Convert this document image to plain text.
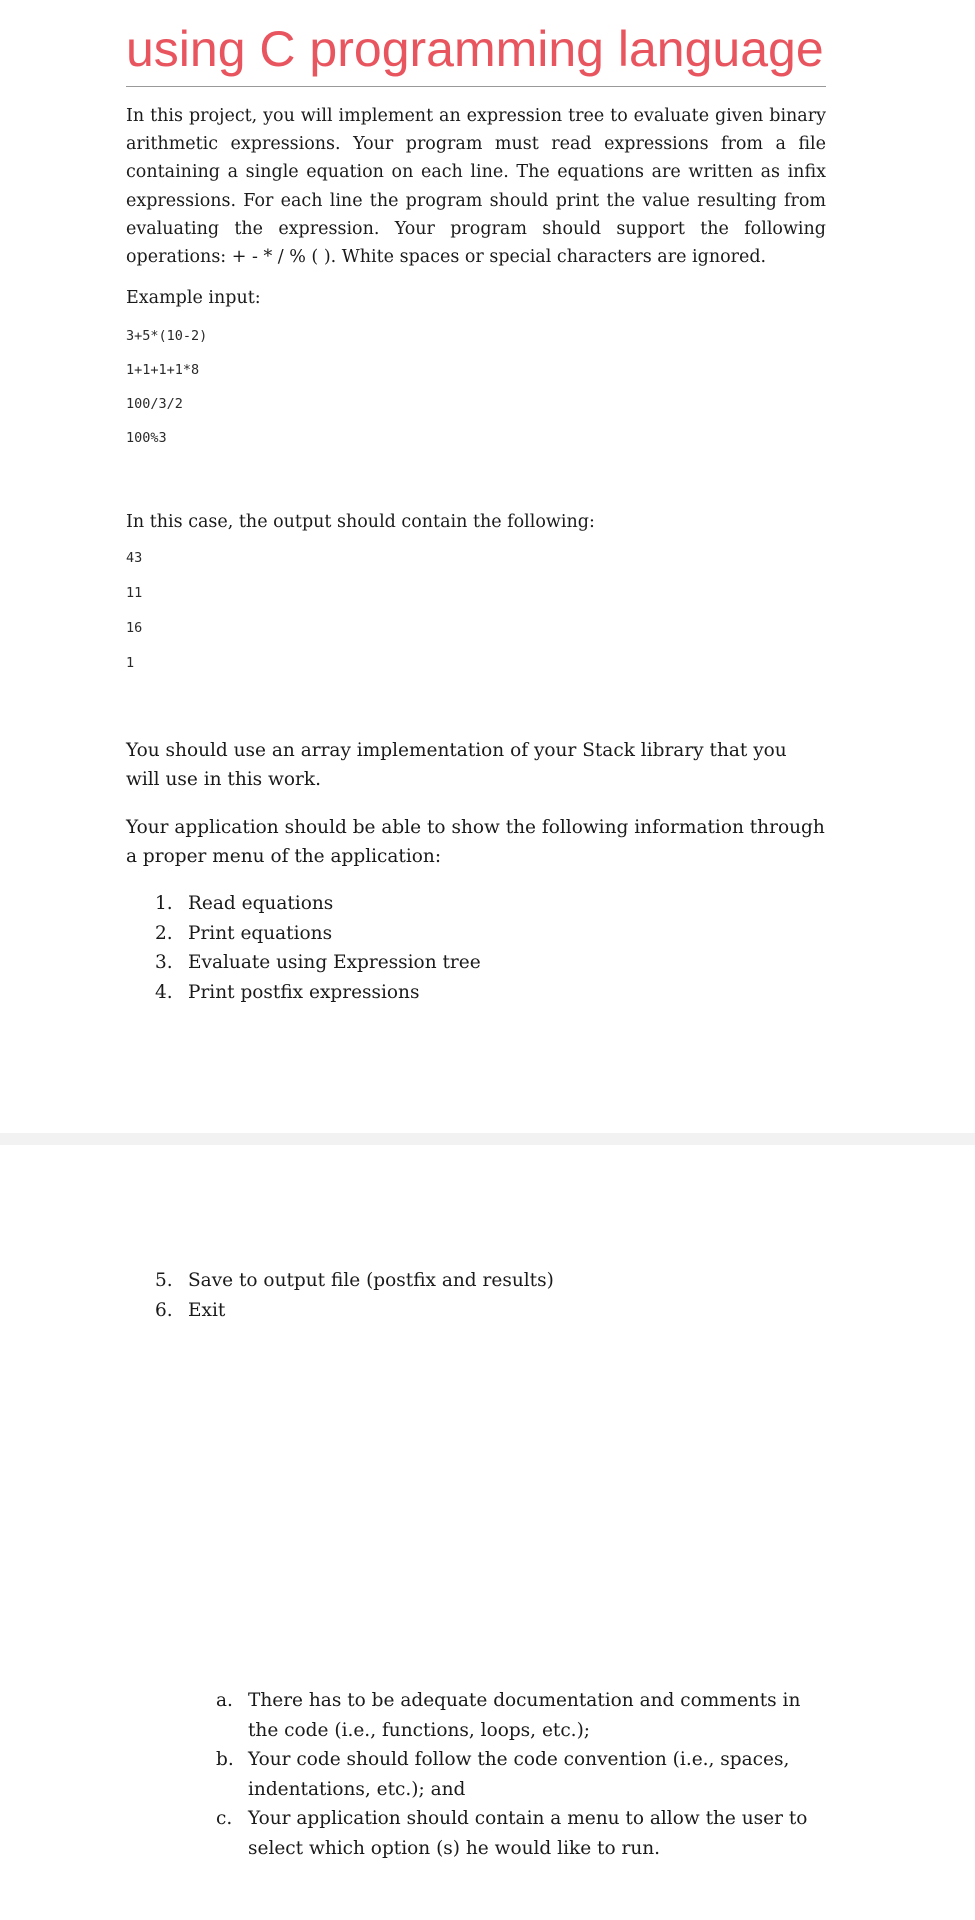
using C programming language

In this project, you will implement an expression tree to evaluate given binary arithmetic expressions. Your program must read expressions from a file containing a single equation on each line. The equations are written as infix expressions. For each line the program should print the value resulting from evaluating the expression. Your program should support the following operations: + - * / % ( ). White spaces or special characters are ignored.

Example input:

3+5*(10-2)
1+1+1+1*8
100/3/2
100%3

In this case, the output should contain the following:

43
11
16
1

You should use an array implementation of your Stack library that you will use in this work.

Your application should be able to show the following information through a proper menu of the application:

1. Read equations
2. Print equations
3. Evaluate using Expression tree
4. Print postfix expressions
5. Save to output file (postfix and results)
6. Exit
a. There has to be adequate documentation and comments in the code (i.e., functions, loops, etc.);
b. Your code should follow the code convention (i.e., spaces, indentations, etc.); and
c. Your application should contain a menu to allow the user to select which option (s) he would like to run.
